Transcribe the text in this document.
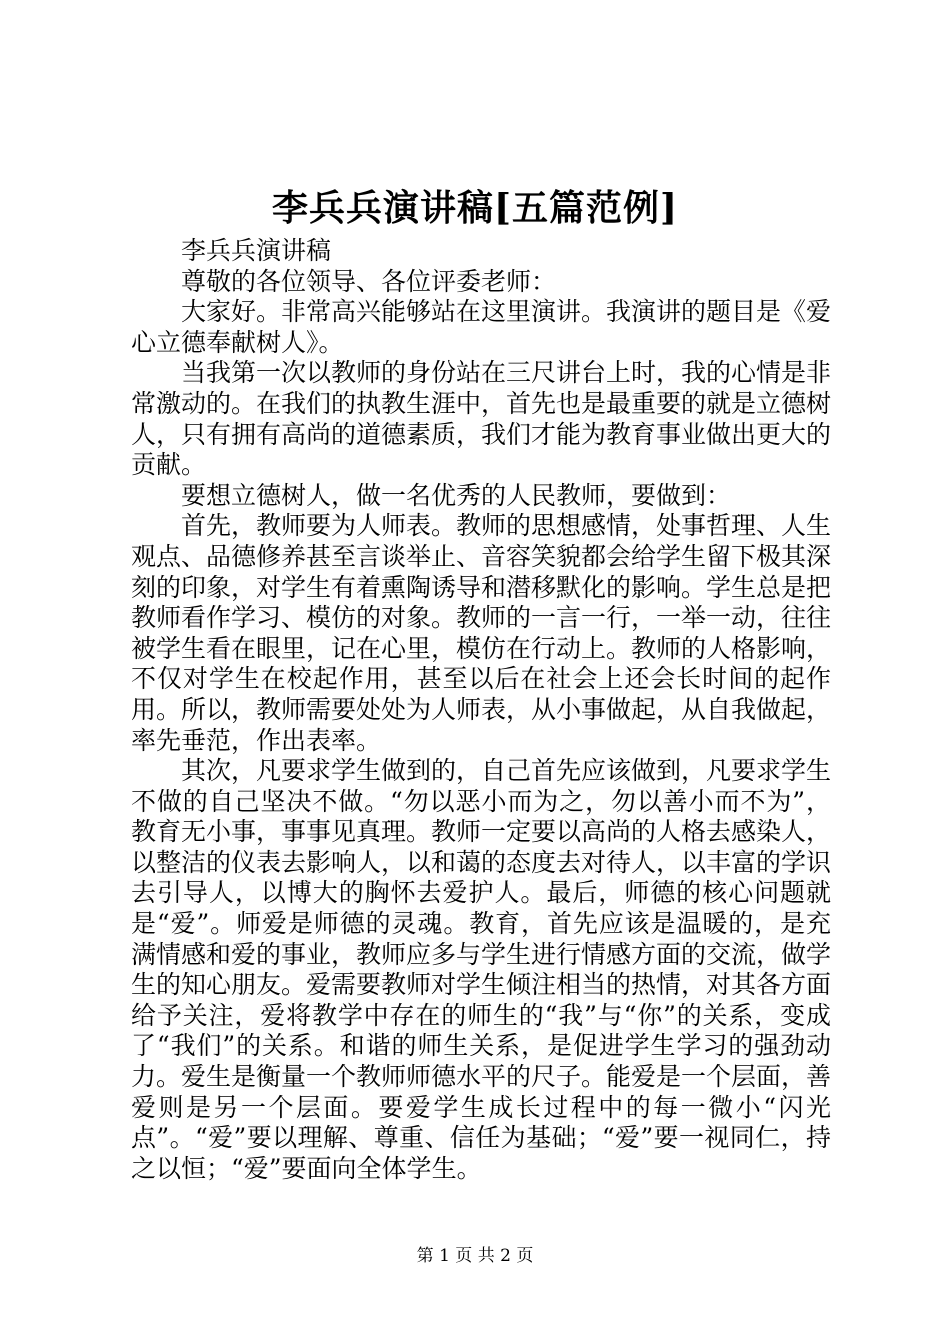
李兵兵演讲稿[五篇范例]

李兵兵演讲稿

尊敬的各位领导、各位评委老师：

大家好。非常高兴能够站在这里演讲。我演讲的题目是《爱心立德奉献树人》。

当我第一次以教师的身份站在三尺讲台上时，我的心情是非常激动的。在我们的执教生涯中，首先也是最重要的就是立德树人，只有拥有高尚的道德素质，我们才能为教育事业做出更大的贡献。

要想立德树人，做一名优秀的人民教师，要做到：

首先，教师要为人师表。教师的思想感情，处事哲理、人生观点、品德修养甚至言谈举止、音容笑貌都会给学生留下极其深刻的印象，对学生有着熏陶诱导和潜移默化的影响。学生总是把教师看作学习、模仿的对象。教师的一言一行，一举一动，往往被学生看在眼里，记在心里，模仿在行动上。教师的人格影响，不仅对学生在校起作用，甚至以后在社会上还会长时间的起作用。所以，教师需要处处为人师表，从小事做起，从自我做起，率先垂范，作出表率。

其次，凡要求学生做到的，自己首先应该做到，凡要求学生不做的自己坚决不做。“勿以恶小而为之，勿以善小而不为”，教育无小事，事事见真理。教师一定要以高尚的人格去感染人，以整洁的仪表去影响人，以和蔼的态度去对待人，以丰富的学识去引导人，以博大的胸怀去爱护人。最后，师德的核心问题就是“爱”。师爱是师德的灵魂。教育，首先应该是温暖的，是充满情感和爱的事业，教师应多与学生进行情感方面的交流，做学生的知心朋友。爱需要教师对学生倾注相当的热情，对其各方面给予关注，爱将教学中存在的师生的“我”与“你”的关系，变成了“我们”的关系。和谐的师生关系，是促进学生学习的强劲动力。爱生是衡量一个教师师德水平的尺子。能爱是一个层面，善爱则是另一个层面。要爱学生成长过程中的每一微小“闪光点”。“爱”要以理解、尊重、信任为基础；“爱”要一视同仁，持之以恒；“爱”要面向全体学生。

第 1 页 共 2 页
